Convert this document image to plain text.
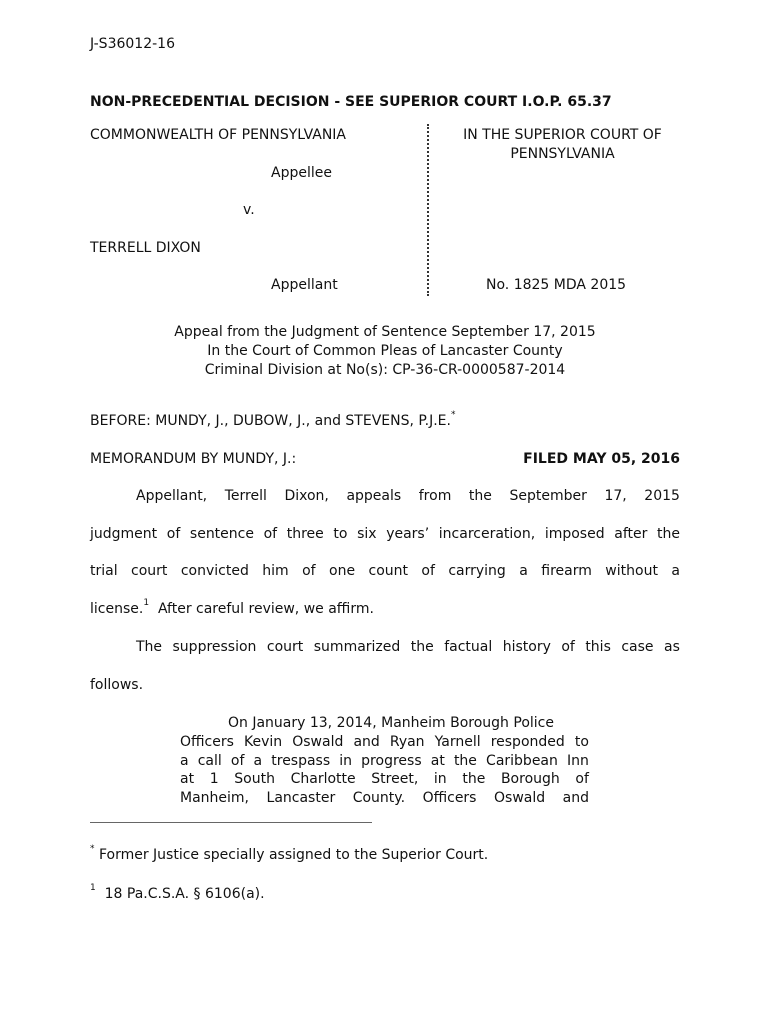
J-S36012-16
NON-PRECEDENTIAL DECISION - SEE SUPERIOR COURT I.O.P. 65.37
COMMONWEALTH OF PENNSYLVANIA
Appellee
v.
TERRELL DIXON
Appellant
IN THE SUPERIOR COURT OF
PENNSYLVANIA
No. 1825 MDA 2015
Appeal from the Judgment of Sentence September 17, 2015
In the Court of Common Pleas of Lancaster County
Criminal Division at No(s): CP-36-CR-0000587-2014
BEFORE: MUNDY, J., DUBOW, J., and STEVENS, P.J.E.*
MEMORANDUM BY MUNDY, J.:	FILED MAY 05, 2016
Appellant, Terrell Dixon, appeals from the September 17, 2015
judgment of sentence of three to six years’ incarceration, imposed after the
trial court convicted him of one count of carrying a firearm without a
license.$^1$  After careful review, we affirm.
The suppression court summarized the factual history of this case as
follows.
On January 13, 2014, Manheim Borough Police
Officers Kevin Oswald and Ryan Yarnell responded to
a call of a trespass in progress at the Caribbean Inn
at 1 South Charlotte Street, in the Borough of
Manheim, Lancaster County. Officers Oswald and
* Former Justice specially assigned to the Superior Court.
$^1$  18 Pa.C.S.A. § 6106(a).
